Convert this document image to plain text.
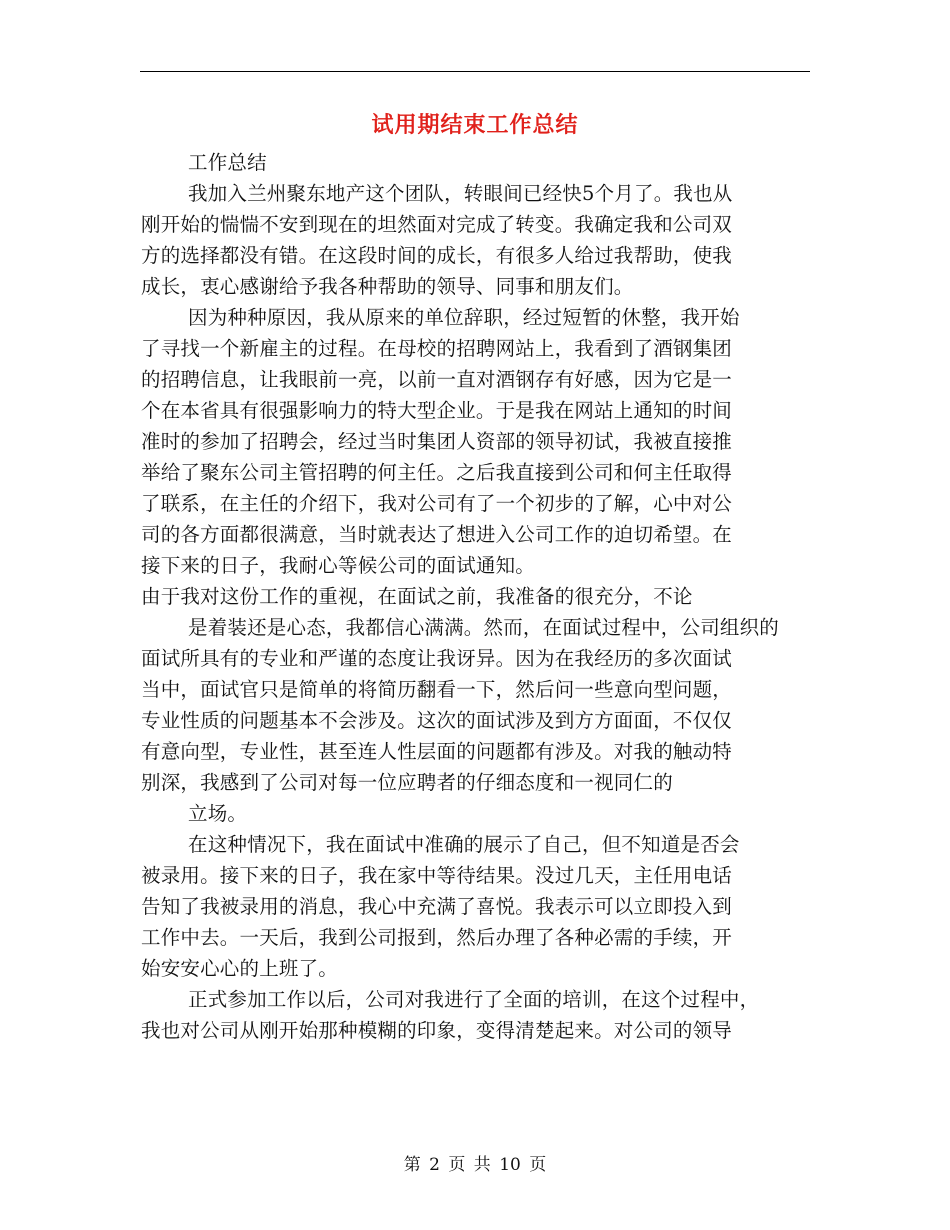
试用期结束工作总结
工作总结
我加入兰州聚东地产这个团队，转眼间已经快5个月了。我也从
刚开始的惴惴不安到现在的坦然面对完成了转变。我确定我和公司双
方的选择都没有错。在这段时间的成长，有很多人给过我帮助，使我
成长，衷心感谢给予我各种帮助的领导、同事和朋友们。
因为种种原因，我从原来的单位辞职，经过短暂的休整，我开始
了寻找一个新雇主的过程。在母校的招聘网站上，我看到了酒钢集团
的招聘信息，让我眼前一亮，以前一直对酒钢存有好感，因为它是一
个在本省具有很强影响力的特大型企业。于是我在网站上通知的时间
准时的参加了招聘会，经过当时集团人资部的领导初试，我被直接推
举给了聚东公司主管招聘的何主任。之后我直接到公司和何主任取得
了联系，在主任的介绍下，我对公司有了一个初步的了解，心中对公
司的各方面都很满意，当时就表达了想进入公司工作的迫切希望。在
接下来的日子，我耐心等候公司的面试通知。
由于我对这份工作的重视，在面试之前，我准备的很充分，不论
是着装还是心态，我都信心满满。然而，在面试过程中，公司组织的
面试所具有的专业和严谨的态度让我讶异。因为在我经历的多次面试
当中，面试官只是简单的将简历翻看一下，然后问一些意向型问题，
专业性质的问题基本不会涉及。这次的面试涉及到方方面面，不仅仅
有意向型，专业性，甚至连人性层面的问题都有涉及。对我的触动特
别深，我感到了公司对每一位应聘者的仔细态度和一视同仁的
立场。
在这种情况下，我在面试中准确的展示了自己，但不知道是否会
被录用。接下来的日子，我在家中等待结果。没过几天，主任用电话
告知了我被录用的消息，我心中充满了喜悦。我表示可以立即投入到
工作中去。一天后，我到公司报到，然后办理了各种必需的手续，开
始安安心心的上班了。
正式参加工作以后，公司对我进行了全面的培训，在这个过程中，
我也对公司从刚开始那种模糊的印象，变得清楚起来。对公司的领导
第 2 页 共 10 页
